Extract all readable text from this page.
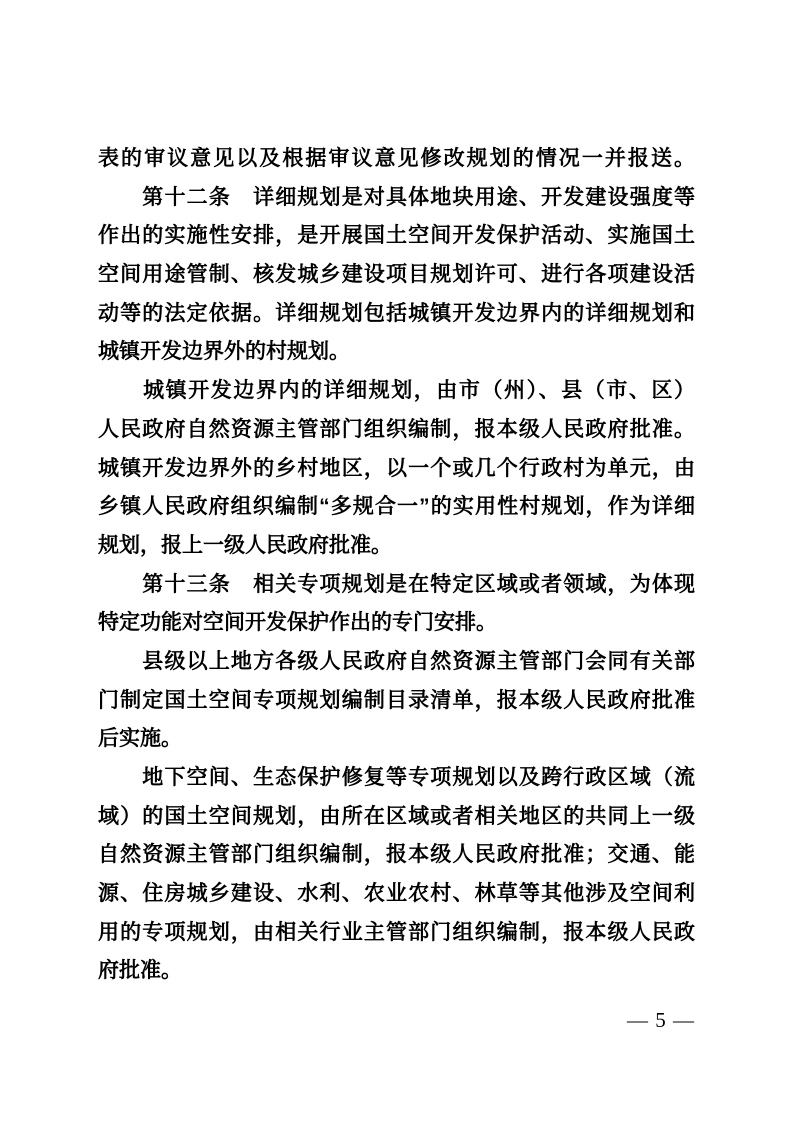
表的审议意见以及根据审议意见修改规划的情况一并报送。
　　第十二条　详细规划是对具体地块用途、开发建设强度等
作出的实施性安排，是开展国土空间开发保护活动、实施国土
空间用途管制、核发城乡建设项目规划许可、进行各项建设活
动等的法定依据。详细规划包括城镇开发边界内的详细规划和
城镇开发边界外的村规划。
　　城镇开发边界内的详细规划，由市（州）、县（市、区）
人民政府自然资源主管部门组织编制，报本级人民政府批准。
城镇开发边界外的乡村地区，以一个或几个行政村为单元，由
乡镇人民政府组织编制“多规合一”的实用性村规划，作为详细
规划，报上一级人民政府批准。
　　第十三条　相关专项规划是在特定区域或者领域，为体现
特定功能对空间开发保护作出的专门安排。
　　县级以上地方各级人民政府自然资源主管部门会同有关部
门制定国土空间专项规划编制目录清单，报本级人民政府批准
后实施。
　　地下空间、生态保护修复等专项规划以及跨行政区域（流
域）的国土空间规划，由所在区域或者相关地区的共同上一级
自然资源主管部门组织编制，报本级人民政府批准；交通、能
源、住房城乡建设、水利、农业农村、林草等其他涉及空间利
用的专项规划，由相关行业主管部门组织编制，报本级人民政
府批准。
— 5 —
